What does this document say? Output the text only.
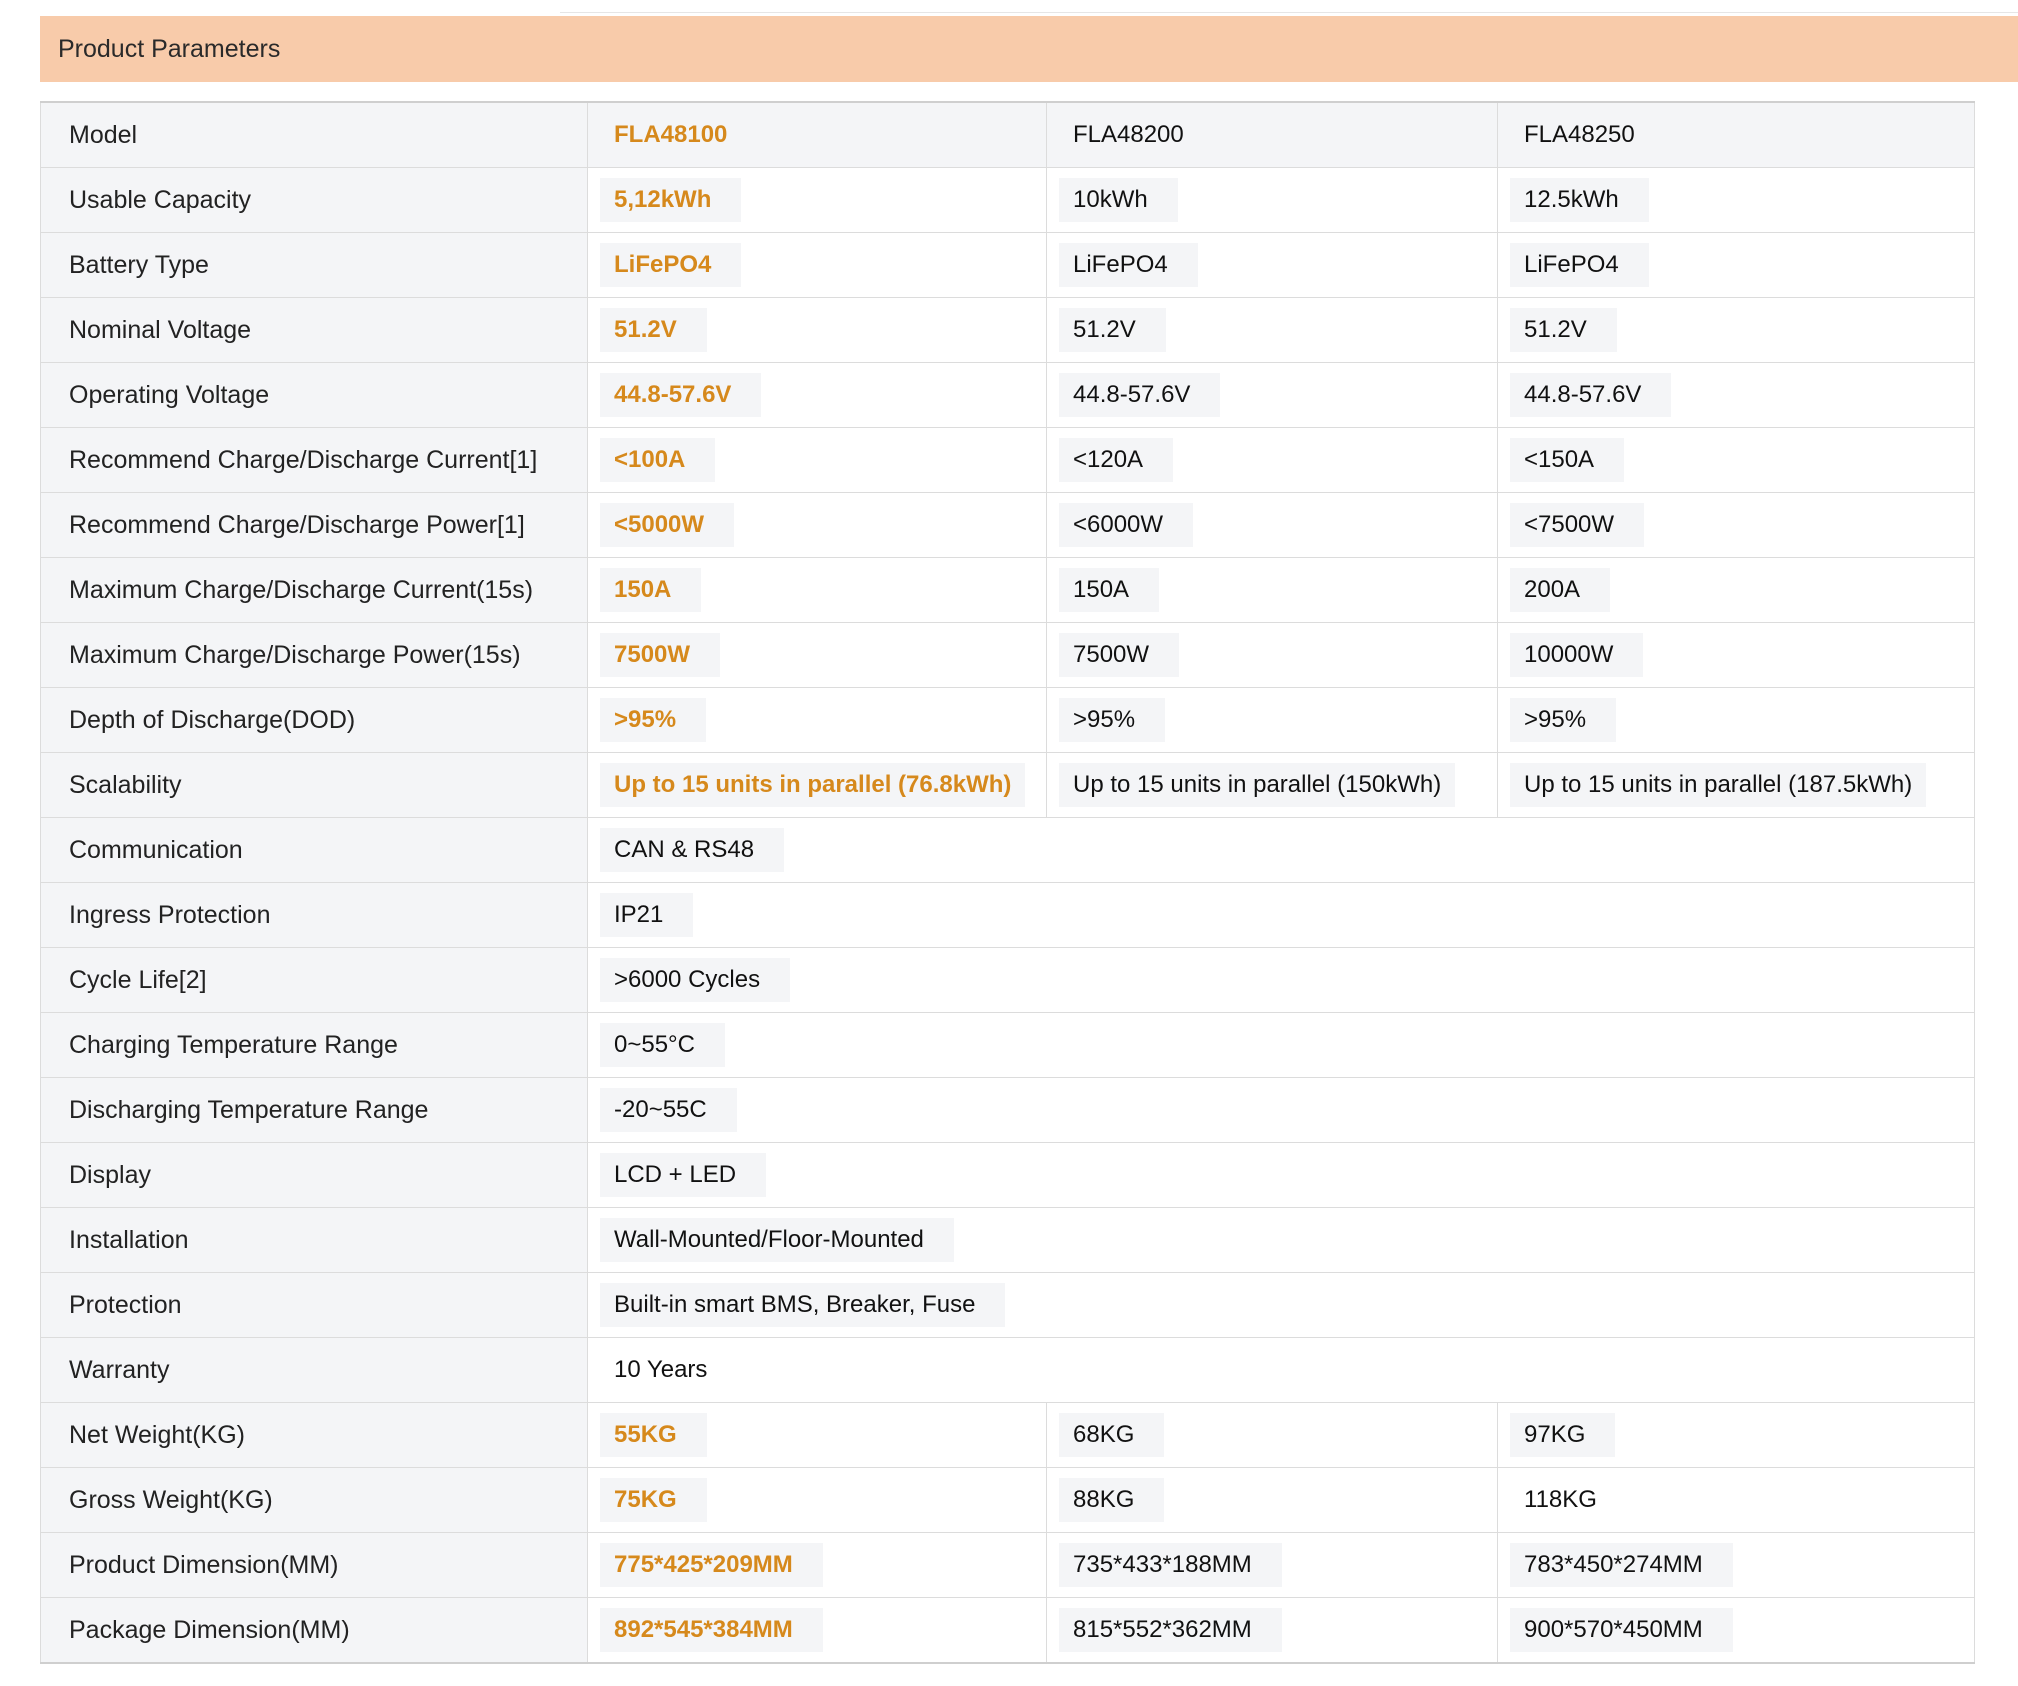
Product Parameters
Model	FLA48100	FLA48200	FLA48250
Usable Capacity	5,12kWh	10kWh	12.5kWh
Battery Type	LiFePO4	LiFePO4	LiFePO4
Nominal Voltage	51.2V	51.2V	51.2V
Operating Voltage	44.8-57.6V	44.8-57.6V	44.8-57.6V
Recommend Charge/Discharge Current[1]	<100A	<120A	<150A
Recommend Charge/Discharge Power[1]	<5000W	<6000W	<7500W
Maximum Charge/Discharge Current(15s)	150A	150A	200A
Maximum Charge/Discharge Power(15s)	7500W	7500W	10000W
Depth of Discharge(DOD)	>95%	>95%	>95%
Scalability	Up to 15 units in parallel (76.8kWh)	Up to 15 units in parallel (150kWh)	Up to 15 units in parallel (187.5kWh)
Communication	CAN & RS48		
Ingress Protection	IP21		
Cycle Life[2]	>6000 Cycles		
Charging Temperature Range	0~55°C		
Discharging Temperature Range	-20~55C		
Display	LCD + LED		
Installation	Wall-Mounted/Floor-Mounted		
Protection	Built-in smart BMS, Breaker, Fuse		
Warranty	10 Years		
Net Weight(KG)	55KG	68KG	97KG
Gross Weight(KG)	75KG	88KG	118KG
Product Dimension(MM)	775*425*209MM	735*433*188MM	783*450*274MM
Package Dimension(MM)	892*545*384MM	815*552*362MM	900*570*450MM
